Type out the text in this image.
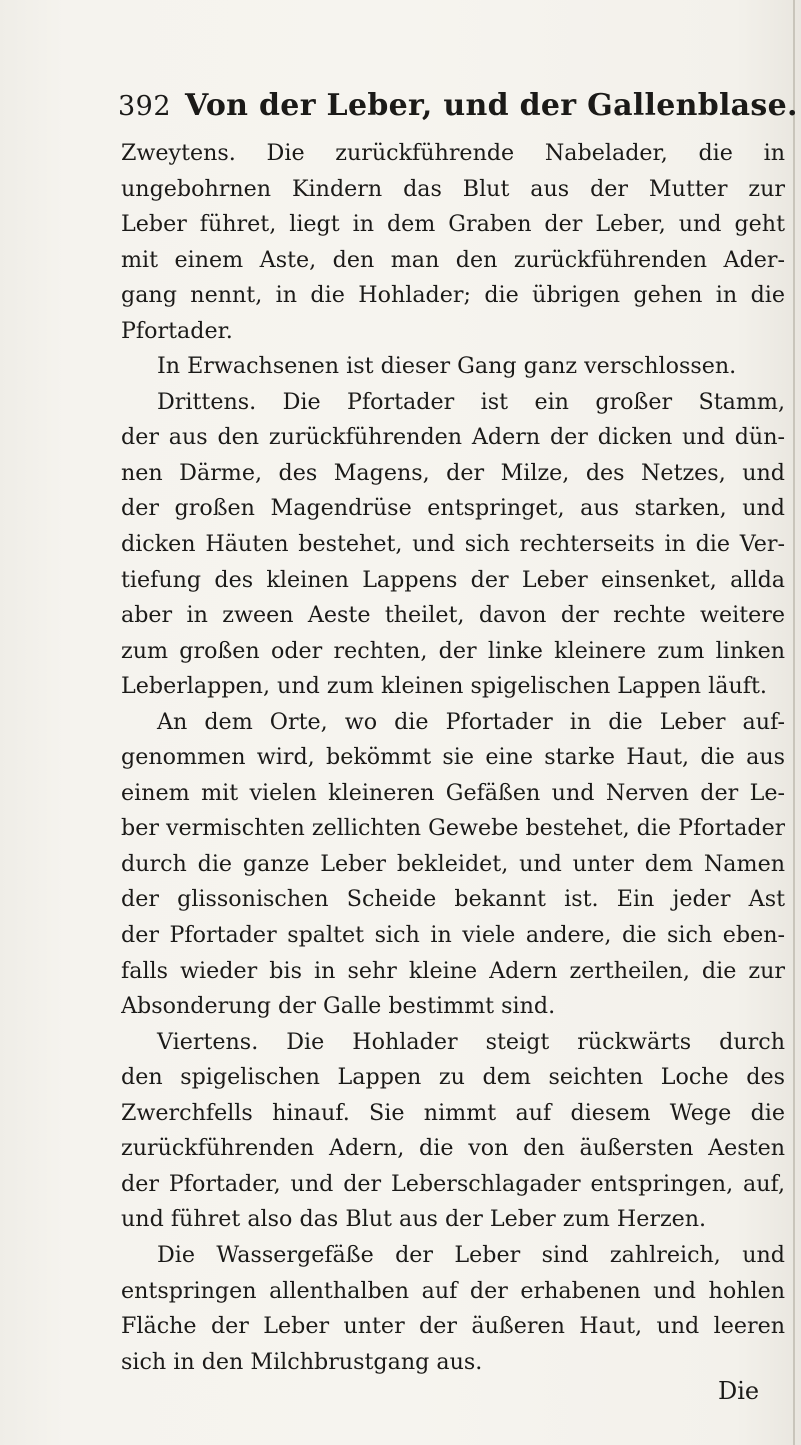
392 Von der Leber, und der Gallenblase.
Zweytens. Die zurückführende Nabelader, die in
ungebohrnen Kindern das Blut aus der Mutter zur
Leber führet, liegt in dem Graben der Leber, und geht
mit einem Aste, den man den zurückführenden Ader-
gang nennt, in die Hohlader; die übrigen gehen in die
Pfortader.
In Erwachsenen ist dieser Gang ganz verschlossen.
Drittens. Die Pfortader ist ein großer Stamm,
der aus den zurückführenden Adern der dicken und dün-
nen Därme, des Magens, der Milze, des Netzes, und
der großen Magendrüse entspringet, aus starken, und
dicken Häuten bestehet, und sich rechterseits in die Ver-
tiefung des kleinen Lappens der Leber einsenket, allda
aber in zween Aeste theilet, davon der rechte weitere
zum großen oder rechten, der linke kleinere zum linken
Leberlappen, und zum kleinen spigelischen Lappen läuft.
An dem Orte, wo die Pfortader in die Leber auf-
genommen wird, bekömmt sie eine starke Haut, die aus
einem mit vielen kleineren Gefäßen und Nerven der Le-
ber vermischten zellichten Gewebe bestehet, die Pfortader
durch die ganze Leber bekleidet, und unter dem Namen
der glissonischen Scheide bekannt ist. Ein jeder Ast
der Pfortader spaltet sich in viele andere, die sich eben-
falls wieder bis in sehr kleine Adern zertheilen, die zur
Absonderung der Galle bestimmt sind.
Viertens. Die Hohlader steigt rückwärts durch
den spigelischen Lappen zu dem seichten Loche des
Zwerchfells hinauf. Sie nimmt auf diesem Wege die
zurückführenden Adern, die von den äußersten Aesten
der Pfortader, und der Leberschlagader entspringen, auf,
und führet also das Blut aus der Leber zum Herzen.
Die Wassergefäße der Leber sind zahlreich, und
entspringen allenthalben auf der erhabenen und hohlen
Fläche der Leber unter der äußeren Haut, und leeren
sich in den Milchbrustgang aus.
Die
